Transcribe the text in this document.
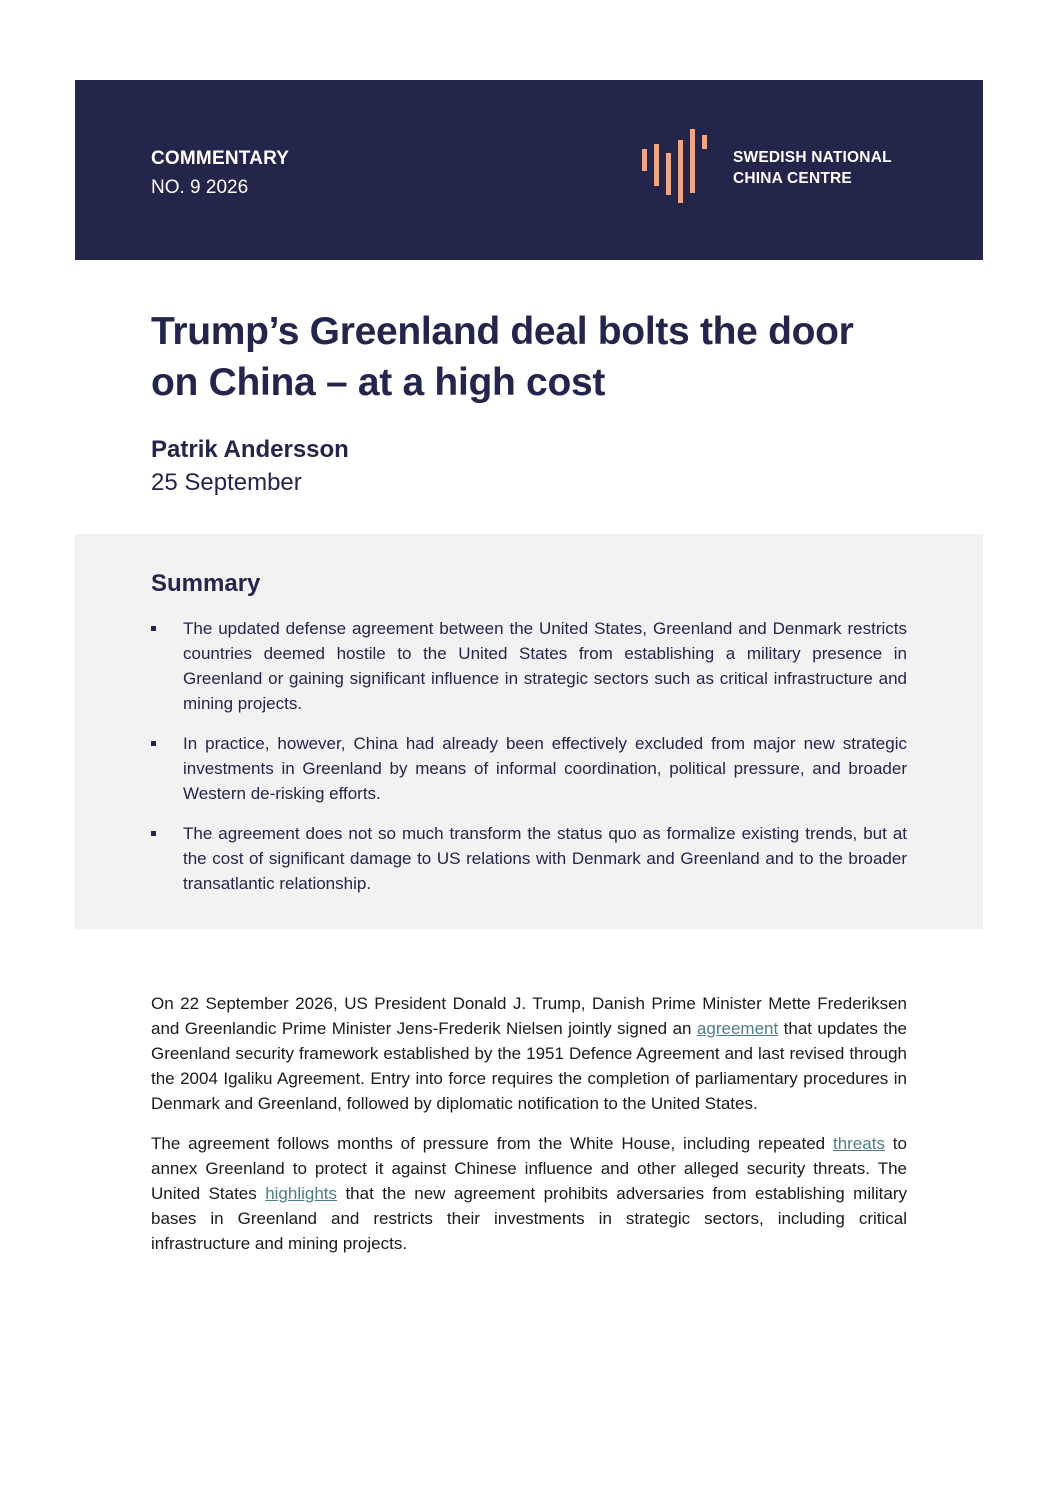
COMMENTARY
NO. 9 2026
SWEDISH NATIONAL
CHINA CENTRE
Trump’s Greenland deal bolts the door
on China – at a high cost
Patrik Andersson
25 September
Summary
The updated defense agreement between the United States, Greenland and Denmark restricts countries deemed hostile to the United States from establishing a military presence in Greenland or gaining significant influence in strategic sectors such as critical infrastructure and mining projects.
In practice, however, China had already been effectively excluded from major new strategic investments in Greenland by means of informal coordination, political pressure, and broader Western de-risking efforts.
The agreement does not so much transform the status quo as formalize existing trends, but at the cost of significant damage to US relations with Denmark and Greenland and to the broader transatlantic relationship.

On 22 September 2026, US President Donald J. Trump, Danish Prime Minister Mette Frederiksen and Greenlandic Prime Minister Jens-Frederik Nielsen jointly signed an agreement that updates the Greenland security framework established by the 1951 Defence Agreement and last revised through the 2004 Igaliku Agreement. Entry into force requires the completion of parliamentary procedures in Denmark and Greenland, followed by diplomatic notification to the United States.

The agreement follows months of pressure from the White House, including repeated threats to annex Greenland to protect it against Chinese influence and other alleged security threats. The United States highlights that the new agreement prohibits adversaries from establishing military bases in Greenland and restricts their investments in strategic sectors, including critical infrastructure and mining projects.
